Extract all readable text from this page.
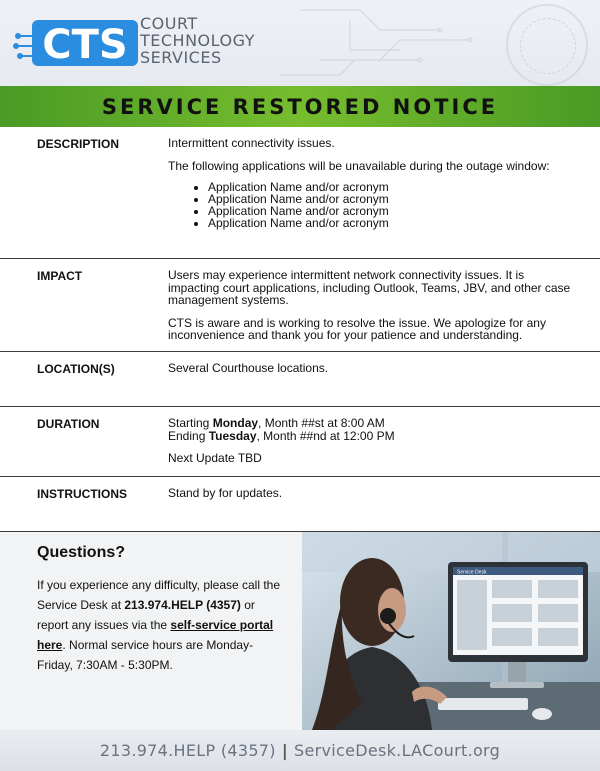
CTS COURT
TECHNOLOGY
SERVICES
SERVICE RESTORED NOTICE
DESCRIPTION	Intermittent connectivity issues.

The following applications will be unavailable during the outage window:

• Application Name and/or acronym
• Application Name and/or acronym
• Application Name and/or acronym
• Application Name and/or acronym
IMPACT	Users may experience intermittent network connectivity issues. It is impacting court applications, including Outlook, Teams, JBV, and other case management systems.

CTS is aware and is working to resolve the issue. We apologize for any inconvenience and thank you for your patience and understanding.

LOCATION(S)	Several Courthouse locations.

DURATION	Starting Monday, Month ##st at 8:00 AM
Ending Tuesday, Month ##nd at 12:00 PM

Next Update TBD

INSTRUCTIONS	Stand by for updates.

Questions?
If you experience any difficulty, please call the Service Desk at 213.974.HELP (4357) or report any issues via the self-service portal here. Normal service hours are Monday-Friday, 7:30AM - 5:30PM.
Service Desk
213.974.HELP (4357) | ServiceDesk.LACourt.org
